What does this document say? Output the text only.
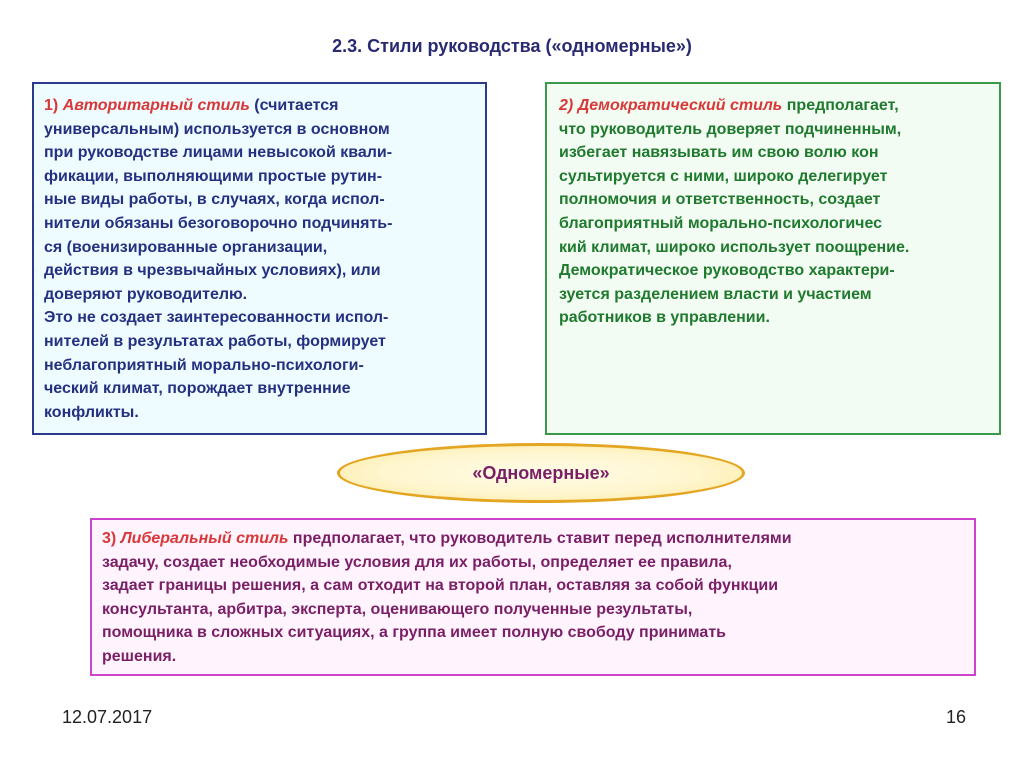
2.3. Стили руководства («одномерные»)

1) Авторитарный стиль (считается
универсальным) используется в основном
при руководстве лицами невысокой квали-
фикации, выполняющими простые рутин-
ные виды работы, в случаях, когда испол-
нители обязаны безоговорочно подчинять-
ся (военизированные организации,
действия в чрезвычайных условиях), или
доверяют руководителю.
Это не создает заинтересованности испол-
нителей в результатах работы, формирует
неблагоприятный морально-психологи-
ческий климат, порождает внутренние
конфликты.

2) Демократический стиль предполагает,
что руководитель доверяет подчиненным,
избегает навязывать им свою волю кон
сультируется с ними, широко делегирует
полномочия и ответственность, создает
благоприятный морально-психологичес
кий климат, широко использует поощрение.
Демократическое руководство характери-
зуется разделением власти и участием
работников в управлении.

«Одномерные»

3) Либеральный стиль предполагает, что руководитель ставит перед исполнителями
задачу, создает необходимые условия для их работы, определяет ее правила,
задает границы решения, а сам отходит на второй план, оставляя за собой функции
консультанта, арбитра, эксперта, оценивающего полученные результаты,
помощника в сложных ситуациях, а группа имеет полную свободу принимать
решения.

12.07.2017	16
